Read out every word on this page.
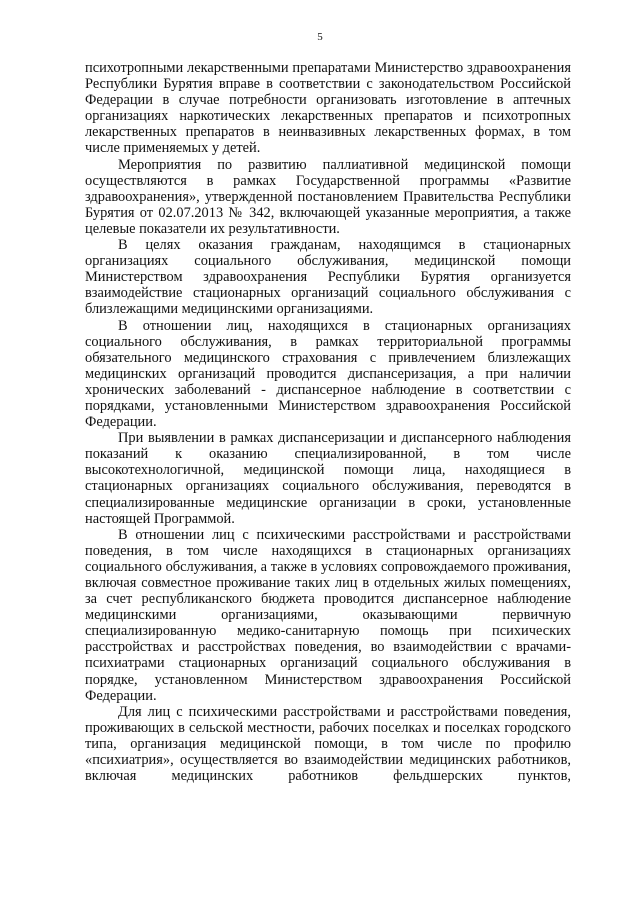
5

психотропными лекарственными препаратами Министерство здравоохранения Республики Бурятия вправе в соответствии с законодательством Российской Федерации в случае потребности организовать изготовление в аптечных организациях наркотических лекарственных препаратов и психотропных лекарственных препаратов в неинвазивных лекарственных формах, в том числе применяемых у детей.

Мероприятия по развитию паллиативной медицинской помощи осуществляются в рамках Государственной программы «Развитие здравоохранения», утвержденной постановлением Правительства Республики Бурятия от 02.07.2013 № 342, включающей указанные мероприятия, а также целевые показатели их результативности.

В целях оказания гражданам, находящимся в стационарных организациях социального обслуживания, медицинской помощи Министерством здравоохранения Республики Бурятия организуется взаимодействие стационарных организаций социального обслуживания с близлежащими медицинскими организациями.

В отношении лиц, находящихся в стационарных организациях социального обслуживания, в рамках территориальной программы обязательного медицинского страхования с привлечением близлежащих медицинских организаций проводится диспансеризация, а при наличии хронических заболеваний - диспансерное наблюдение в соответствии с порядками, установленными Министерством здравоохранения Российской Федерации.

При выявлении в рамках диспансеризации и диспансерного наблюдения показаний к оказанию специализированной, в том числе высокотехнологичной, медицинской помощи лица, находящиеся в стационарных организациях социального обслуживания, переводятся в специализированные медицинские организации в сроки, установленные настоящей Программой.

В отношении лиц с психическими расстройствами и расстройствами поведения, в том числе находящихся в стационарных организациях социального обслуживания, а также в условиях сопровождаемого проживания, включая совместное проживание таких лиц в отдельных жилых помещениях, за счет республиканского бюджета проводится диспансерное наблюдение медицинскими организациями, оказывающими первичную специализированную медико-санитарную помощь при психических расстройствах и расстройствах поведения, во взаимодействии с врачами-психиатрами стационарных организаций социального обслуживания в порядке, установленном Министерством здравоохранения Российской Федерации.

Для лиц с психическими расстройствами и расстройствами поведения, проживающих в сельской местности, рабочих поселках и поселках городского типа, организация медицинской помощи, в том числе по профилю «психиатрия», осуществляется во взаимодействии медицинских работников, включая медицинских работников фельдшерских пунктов,
